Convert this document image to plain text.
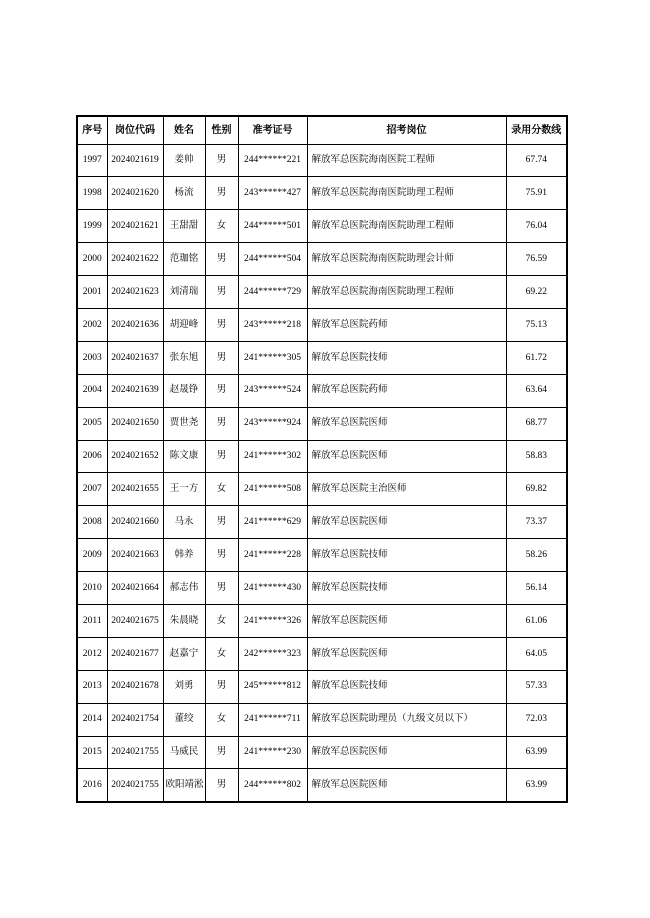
序号	岗位代码	姓名	性别	准考证号	招考岗位	录用分数线
1997	2024021619	姜帅	男	244******221	解放军总医院海南医院工程师	67.74
1998	2024021620	杨流	男	243******427	解放军总医院海南医院助理工程师	75.91
1999	2024021621	王甜甜	女	244******501	解放军总医院海南医院助理工程师	76.04
2000	2024021622	范珈铭	男	244******504	解放军总医院海南医院助理会计师	76.59
2001	2024021623	刘清瑞	男	244******729	解放军总医院海南医院助理工程师	69.22
2002	2024021636	胡迎峰	男	243******218	解放军总医院药师	75.13
2003	2024021637	张东旭	男	241******305	解放军总医院技师	61.72
2004	2024021639	赵晟铮	男	243******524	解放军总医院药师	63.64
2005	2024021650	贾世尧	男	243******924	解放军总医院医师	68.77
2006	2024021652	陈文康	男	241******302	解放军总医院医师	58.83
2007	2024021655	王一方	女	241******508	解放军总医院主治医师	69.82
2008	2024021660	马永	男	241******629	解放军总医院医师	73.37
2009	2024021663	韩养	男	241******228	解放军总医院技师	58.26
2010	2024021664	郝志伟	男	241******430	解放军总医院技师	56.14
2011	2024021675	朱晨晓	女	241******326	解放军总医院医师	61.06
2012	2024021677	赵嘉宁	女	242******323	解放军总医院医师	64.05
2013	2024021678	刘勇	男	245******812	解放军总医院技师	57.33
2014	2024021754	董绞	女	241******711	解放军总医院助理员（九级文员以下）	72.03
2015	2024021755	马威民	男	241******230	解放军总医院医师	63.99
2016	2024021755	欧阳靖淞	男	244******802	解放军总医院医师	63.99
